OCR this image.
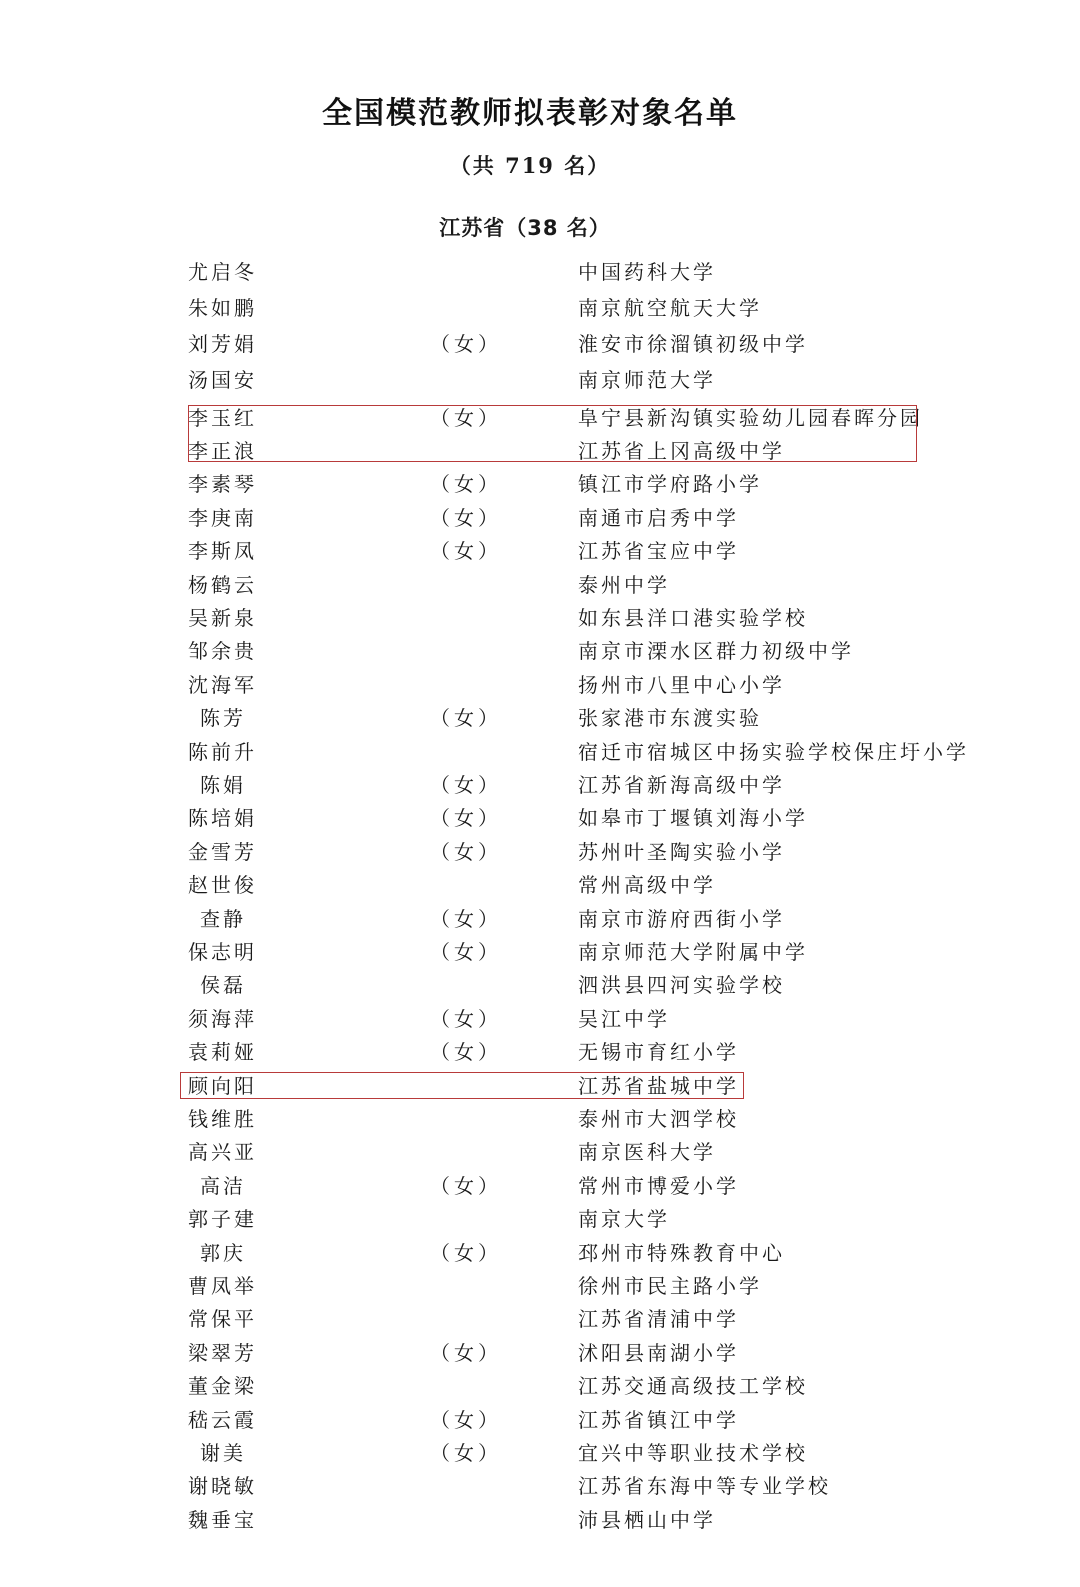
全国模范教师拟表彰对象名单
（共 719 名）
江苏省（38 名）
尤启冬	中国药科大学
朱如鹏	南京航空航天大学
刘芳娟	（女）	淮安市徐溜镇初级中学
汤国安	南京师范大学
李玉红	（女）	阜宁县新沟镇实验幼儿园春晖分园
李正浪	江苏省上冈高级中学
李素琴	（女）	镇江市学府路小学
李庚南	（女）	南通市启秀中学
李斯凤	（女）	江苏省宝应中学
杨鹤云	泰州中学
吴新泉	如东县洋口港实验学校
邹余贵	南京市溧水区群力初级中学
沈海军	扬州市八里中心小学
陈芳	（女）	张家港市东渡实验
陈前升	宿迁市宿城区中扬实验学校保庄圩小学
陈娟	（女）	江苏省新海高级中学
陈培娟	（女）	如皋市丁堰镇刘海小学
金雪芳	（女）	苏州叶圣陶实验小学
赵世俊	常州高级中学
查静	（女）	南京市游府西街小学
保志明	（女）	南京师范大学附属中学
侯磊	泗洪县四河实验学校
须海萍	（女）	吴江中学
袁莉娅	（女）	无锡市育红小学
顾向阳	江苏省盐城中学
钱维胜	泰州市大泗学校
高兴亚	南京医科大学
高洁	（女）	常州市博爱小学
郭子建	南京大学
郭庆	（女）	邳州市特殊教育中心
曹凤举	徐州市民主路小学
常保平	江苏省清浦中学
梁翠芳	（女）	沭阳县南湖小学
董金梁	江苏交通高级技工学校
嵇云霞	（女）	江苏省镇江中学
谢美	（女）	宜兴中等职业技术学校
谢晓敏	江苏省东海中等专业学校
魏垂宝	沛县栖山中学
